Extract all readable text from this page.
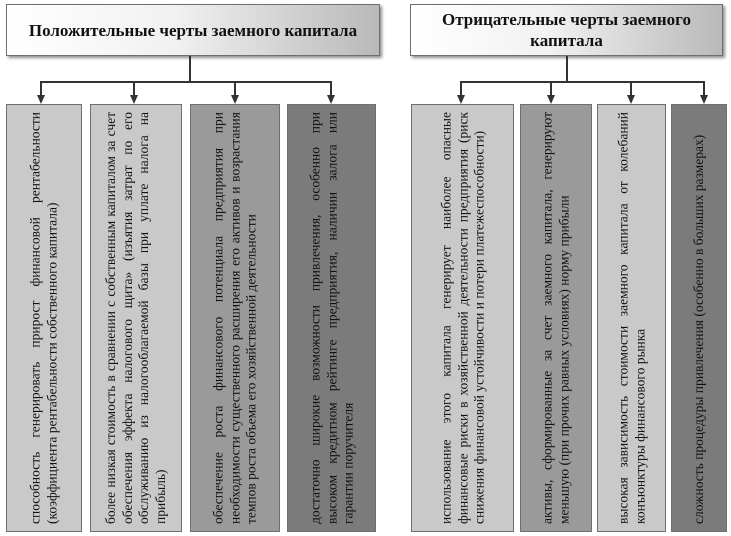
Положительные черты заемного капитала
Отрицательные черты заемного капитала
способность генерировать прирост финансовой рентабельности (коэффициента рентабельности собственного капитала)	более низкая стоимость в сравнении с собственным капиталом за счет обеспечения эффекта налогового щита» (изъятия затрат по его обслуживанию из налогооблагаемой базы при уплате налога на прибыль)	обеспечение роста финансового потенциала предприятия при необходимости существенного расширения его активов и возрастания темпов роста объема его хозяйственной деятельности	достаточно широкие возможности привлечения, особенно при высоком кредитном рейтинге предприятия, наличии залога или гарантии поручителя	использование этого капитала генерирует наиболее опасные финансовые риски в хозяйственной деятельности предприятия (риск снижения финансовой устойчивости и потери платежеспособности)	активы, сформированные за счет заемного капитала, генерируют меньшую (при прочих равных условиях) норму прибыли	высокая зависимость стоимости заемного капитала от колебаний конъюнктуры финансового рынка	сложность процедуры привлечения (особенно в больших размерах)
